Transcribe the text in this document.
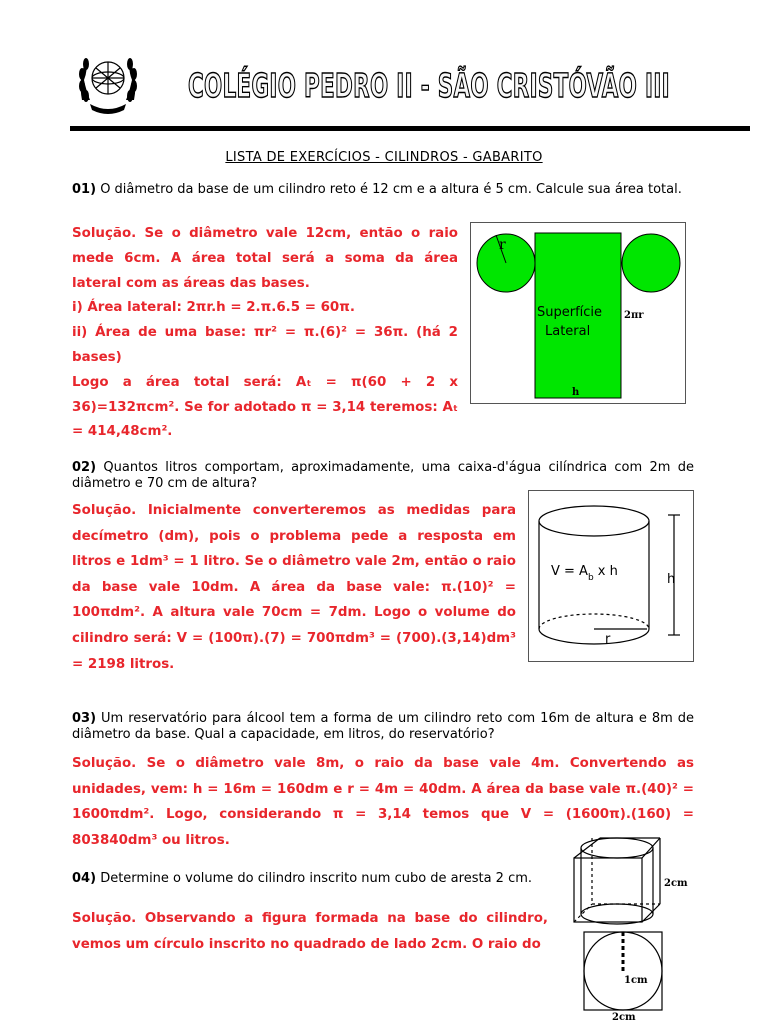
COLÉGIO PEDRO II - SÃO CRISTÓVÃO III
LISTA DE EXERCÍCIOS - CILINDROS - GABARITO
01) O diâmetro da base de um cilindro reto é 12 cm e a altura é 5 cm. Calcule sua área total.
Solução. Se o diâmetro vale 12cm, então o raio mede 6cm. A área total será a soma da área lateral com as áreas das bases.
i) Área lateral: 2πr.h = 2.π.6.5 = 60π.
ii) Área de uma base: πr² = π.(6)² = 36π. (há 2 bases)
Logo a área total será: Aₜ = π(60 + 2 x 36)=132πcm². Se for adotado π = 3,14 teremos: Aₜ = 414,48cm².
r
Superfície
Lateral
2πr
h
02) Quantos litros comportam, aproximadamente, uma caixa-d'água cilíndrica com 2m de diâmetro e 70 cm de altura?
Solução. Inicialmente converteremos as medidas para decímetro (dm), pois o problema pede a resposta em litros e 1dm³ = 1 litro. Se o diâmetro vale 2m, então o raio da base vale 10dm. A área da base vale: π.(10)² = 100πdm². A altura vale 70cm = 7dm. Logo o volume do cilindro será: V = (100π).(7) = 700πdm³ = (700).(3,14)dm³ = 2198 litros.
$V = A_b$ x h
h
r
03) Um reservatório para álcool tem a forma de um cilindro reto com 16m de altura e 8m de diâmetro da base. Qual a capacidade, em litros, do reservatório?
Solução. Se o diâmetro vale 8m, o raio da base vale 4m. Convertendo as unidades, vem: h = 16m = 160dm e r = 4m = 40dm. A área da base vale π.(40)² = 1600πdm². Logo, considerando π = 3,14 temos que V = (1600π).(160) = 803840dm³ ou litros.
04) Determine o volume do cilindro inscrito num cubo de aresta 2 cm.
Solução. Observando a figura formada na base do cilindro, vemos um círculo inscrito no quadrado de lado 2cm. O raio do
2cm
1cm
2cm
